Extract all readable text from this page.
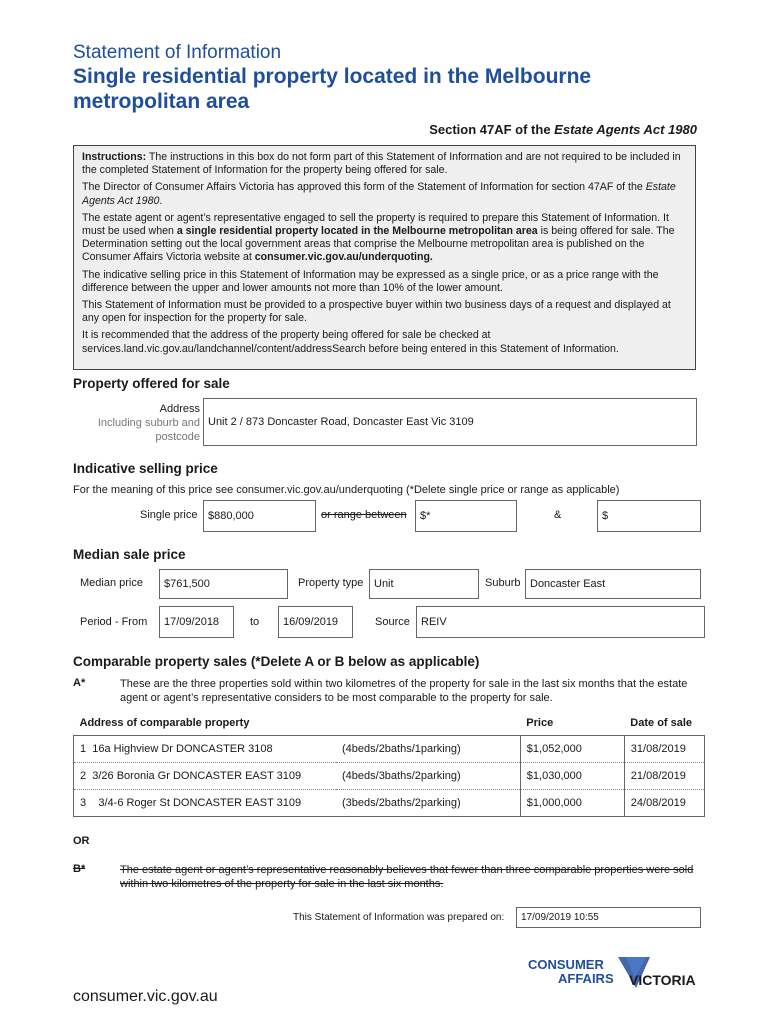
Statement of Information
Single residential property located in the Melbourne metropolitan area
Section 47AF of the Estate Agents Act 1980

Instructions: The instructions in this box do not form part of this Statement of Information and are not required to be included in the completed Statement of Information for the property being offered for sale.

The Director of Consumer Affairs Victoria has approved this form of the Statement of Information for section 47AF of the Estate Agents Act 1980.

The estate agent or agent’s representative engaged to sell the property is required to prepare this Statement of Information. It must be used when a single residential property located in the Melbourne metropolitan area is being offered for sale. The Determination setting out the local government areas that comprise the Melbourne metropolitan area is published on the Consumer Affairs Victoria website at consumer.vic.gov.au/underquoting.

The indicative selling price in this Statement of Information may be expressed as a single price, or as a price range with the difference between the upper and lower amounts not more than 10% of the lower amount.

This Statement of Information must be provided to a prospective buyer within two business days of a request and displayed at any open for inspection for the property for sale.

It is recommended that the address of the property being offered for sale be checked at services.land.vic.gov.au/landchannel/content/addressSearch before being entered in this Statement of Information.

Property offered for sale
Address
Including suburb and
postcode
Unit 2 / 873 Doncaster Road, Doncaster East Vic 3109
Indicative selling price
For the meaning of this price see consumer.vic.gov.au/underquoting (*Delete single price or range as applicable)
Single price $880,000	or range between	$*	&	$
Median sale price
Median price	$761,500	Property type Unit	Suburb Doncaster East
Period - From	17/09/2018	to	16/09/2019	Source	REIV
Comparable property sales (*Delete A or B below as applicable)
A*	These are the three properties sold within two kilometres of the property for sale in the last six months that the estate agent or agent’s representative considers to be most comparable to the property for sale.
Address of comparable property		Price	Date of sale
1 16a Highview Dr DONCASTER 3108	(4beds/2baths/1parking)	$1,052,000	31/08/2019
2 3/26 Boronia Gr DONCASTER EAST 3109	(4beds/3baths/2parking)	$1,030,000	21/08/2019
3 3/4-6 Roger St DONCASTER EAST 3109	(3beds/2baths/2parking)	$1,000,000	24/08/2019
OR
B*	The estate agent or agent’s representative reasonably believes that fewer than three comparable properties were sold within two kilometres of the property for sale in the last six months.
This Statement of Information was prepared on:	17/09/2019 10:55
CONSUMER
AFFAIRS VICTORIA
consumer.vic.gov.au
